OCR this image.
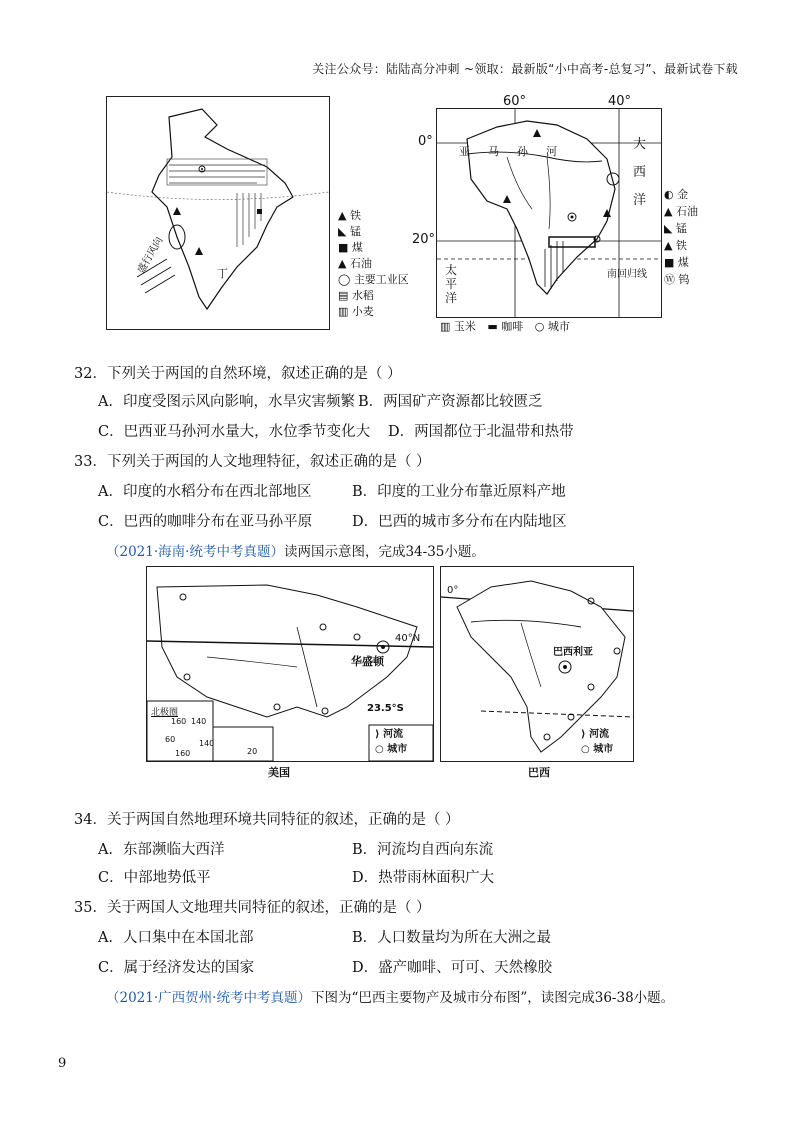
关注公众号：陆陆高分冲刺 ~领取：最新版“小中高考-总复习”、最新试卷下载
盛行风向	丁
▲ 铁
◣ 锰
■ 煤
▲ 石油
◯ 主要工业区
▤ 水稻
▥ 小麦
亚马孙河	大西洋
太平洋
南回归线
60°	40°
0°
20°
◐ 金
▲ 石油
◣ 锰
▲ 铁
■ 煤
Ⓦ 钨
▥ 玉米 ▬ 咖啡 ○ 城市
32．下列关于两国的自然环境，叙述正确的是（ ）
A．印度受图示风向影响，水旱灾害频繁 B．两国矿产资源都比较匮乏
C．巴西亚马孙河水量大，水位季节变化大 D．两国都位于北温带和热带
33．下列关于两国的人文地理特征，叙述正确的是（ ）
A．印度的水稻分布在西北部地区	B．印度的工业分布靠近原料产地
C．巴西的咖啡分布在亚马孙平原	D．巴西的城市多分布在内陆地区
（2021·海南·统考中考真题）读两国示意图，完成34-35小题。
40°N
华盛顿
北极圈
160 140
60	140
160	20
⟩ 河流
○ 城市
美国
0°
巴西利亚
23.5°S
⟩ 河流
○ 城市
巴西
34．关于两国自然地理环境共同特征的叙述，正确的是（ ）
A．东部濒临大西洋	B．河流均自西向东流
C．中部地势低平	D．热带雨林面积广大
35．关于两国人文地理共同特征的叙述，正确的是（ ）
A．人口集中在本国北部	B．人口数量均为所在大洲之最
C．属于经济发达的国家	D．盛产咖啡、可可、天然橡胶
（2021·广西贺州·统考中考真题）下图为“巴西主要物产及城市分布图”，读图完成36-38小题。
9
